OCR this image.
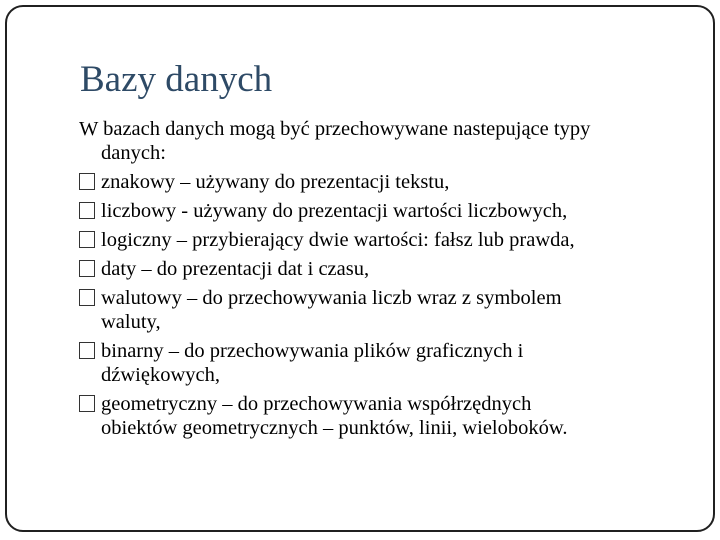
Bazy danych
W bazach danych mogą być przechowywane nastepujące typy
danych:
znakowy – używany do prezentacji tekstu,
liczbowy - używany do prezentacji wartości liczbowych,
logiczny – przybierający dwie wartości: fałsz lub prawda,
daty – do prezentacji dat i czasu,
walutowy – do przechowywania liczb wraz z symbolem
waluty,
binarny – do przechowywania plików graficznych i
dźwiękowych,
geometryczny – do przechowywania współrzędnych
obiektów geometrycznych – punktów, linii, wieloboków.
